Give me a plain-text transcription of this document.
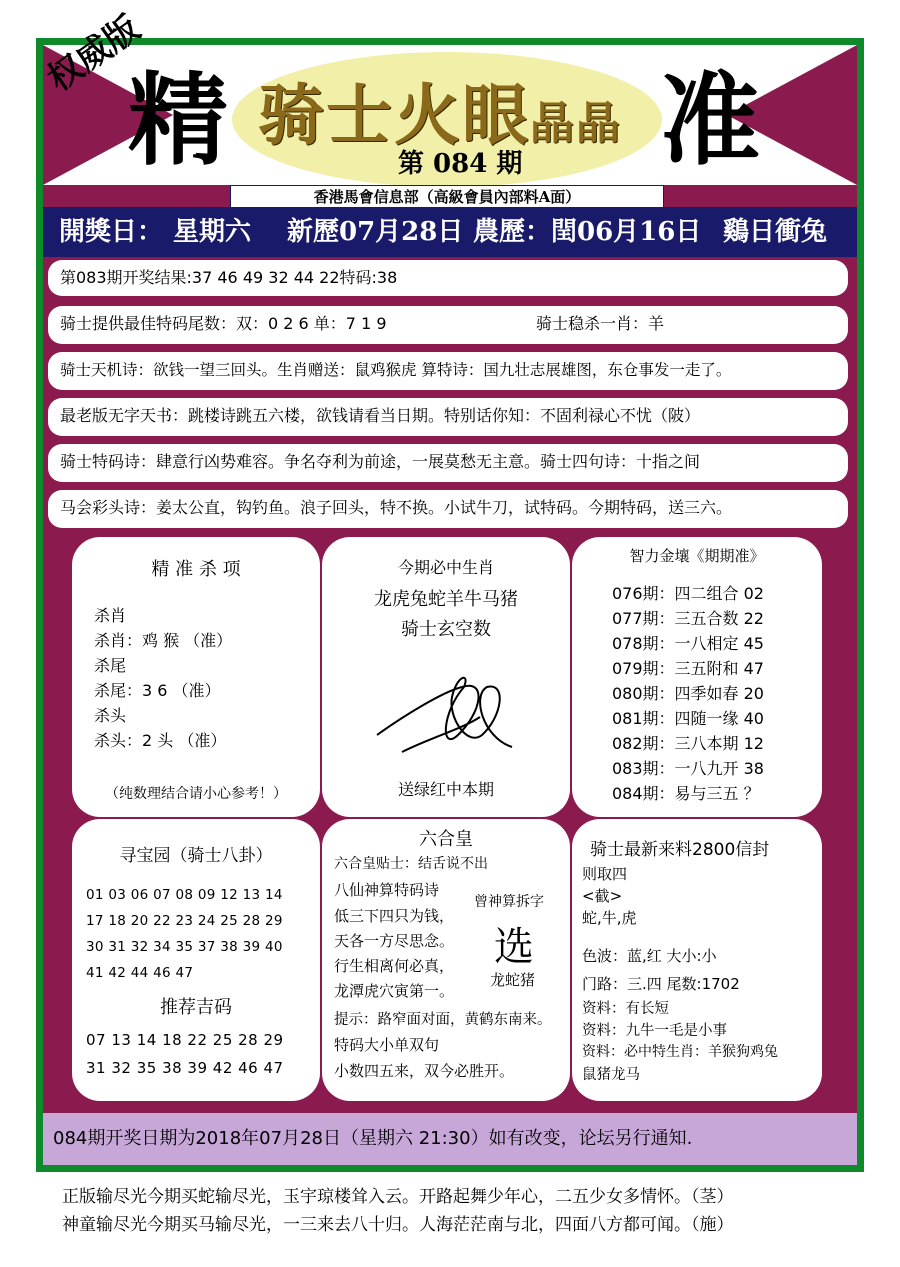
权威版
精	准
骑士火眼晶晶
第 084 期
香港馬會信息部（高級會員內部料A面）
開獎日： 星期六 新歷07月28日 農歷：閏06月16日 鷄日衝兔
第083期开奖结果:37 46 49 32 44 22特码:38
骑士提供最佳特码尾数：双：0 2 6 单：7 1 9	骑士稳杀一肖：羊
骑士天机诗：欲钱一望三回头。生肖赠送：鼠鸡猴虎 算特诗：国九壮志展雄图，东仓事发一走了。
最老版无字天书：跳楼诗跳五六楼，欲钱请看当日期。特别话你知：不固利禄心不忧（陂）
骑士特码诗：肆意行凶势难容。争名夺利为前途，一展莫愁无主意。骑士四句诗：十指之间
马会彩头诗：姜太公直，钩钓鱼。浪子回头，特不换。小试牛刀，试特码。今期特码，送三六。
精 准 杀 项
杀肖
杀肖：鸡 猴 （准）
杀尾
杀尾：3 6 （准）
杀头
杀头：2 头 （准）
（纯数理结合请小心参考！）
今期必中生肖
龙虎兔蛇羊牛马猪
骑士玄空数
送绿红中本期
智力金壤《期期准》
076期：四二组合 02
077期：三五合数 22
078期：一八相定 45
079期：三五附和 47
080期：四季如春 20
081期：四随一缘 40
082期：三八本期 12
083期：一八九开 38
084期：易与三五 ？
寻宝园（骑士八卦）
01 03 06 07 08 09 12 13 14
17 18 20 22 23 24 25 28 29
30 31 32 34 35 37 38 39 40
41 42 44 46 47
推荐吉码
07 13 14 18 22 25 28 29
31 32 35 38 39 42 46 47
六合皇
六合皇贴士：结舌说不出
八仙神算特码诗
低三下四只为钱，
天各一方尽思念。
行生相离何必真，
龙潭虎穴寅第一。
曾神算拆字
选
龙蛇猪
提示：路窄面对面，黄鹤东南来。
特码大小单双句
小数四五来，双今必胜开。
骑士最新来料2800信封
则取四
<截>
蛇,牛,虎
色波：蓝,红 大小:小
门路：三.四 尾数:1702
资料：有长短
资料：九牛一毛是小事
资料：必中特生肖：羊猴狗鸡兔
鼠猪龙马
084期开奖日期为2018年07月28日（星期六 21:30）如有改变，论坛另行通知.
正版输尽光今期买蛇输尽光，玉宇琼楼耸入云。开路起舞少年心，二五少女多情怀。（茎）
神童输尽光今期买马输尽光，一三来去八十归。人海茫茫南与北，四面八方都可闻。（施）
